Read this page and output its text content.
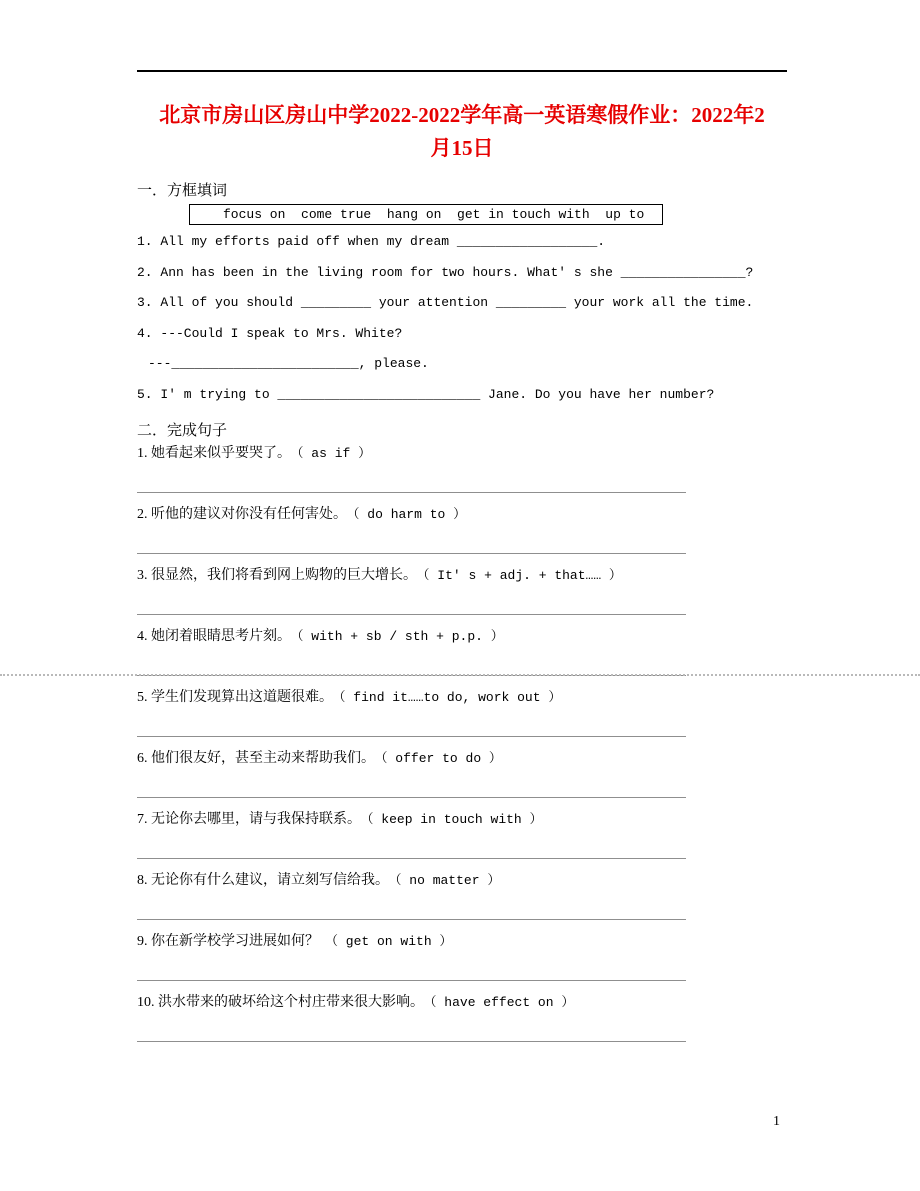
北京市房山区房山中学2022-2022学年高一英语寒假作业：2022年2
月15日

一．方框填词

focus on  come true  hang on  get in touch with  up to

1. All my efforts paid off when my dream __________________.

2. Ann has been in the living room for two hours. What' s she ________________?

3. All of you should _________ your attention _________ your work all the time.

4. ---Could I speak to Mrs. White?

---________________________, please.

5. I' m trying to __________________________ Jane. Do you have her number?

二．完成句子

1. 她看起来似乎要哭了。 （ as if ）

2. 听他的建议对你没有任何害处。 （ do harm to ）

3. 很显然，我们将看到网上购物的巨大增长。 （ It' s + adj. + that…… ）

4. 她闭着眼睛思考片刻。 （ with + sb / sth + p.p. ）

5. 学生们发现算出这道题很难。 （ find it……to do, work out ）

6. 他们很友好，甚至主动来帮助我们。 （ offer to do ）

7. 无论你去哪里，请与我保持联系。 （ keep in touch with ）

8. 无论你有什么建议，请立刻写信给我。 （ no matter ）

9. 你在新学校学习进展如何？ （ get on with ）

10. 洪水带来的破坏给这个村庄带来很大影响。 （ have effect on ）

1
